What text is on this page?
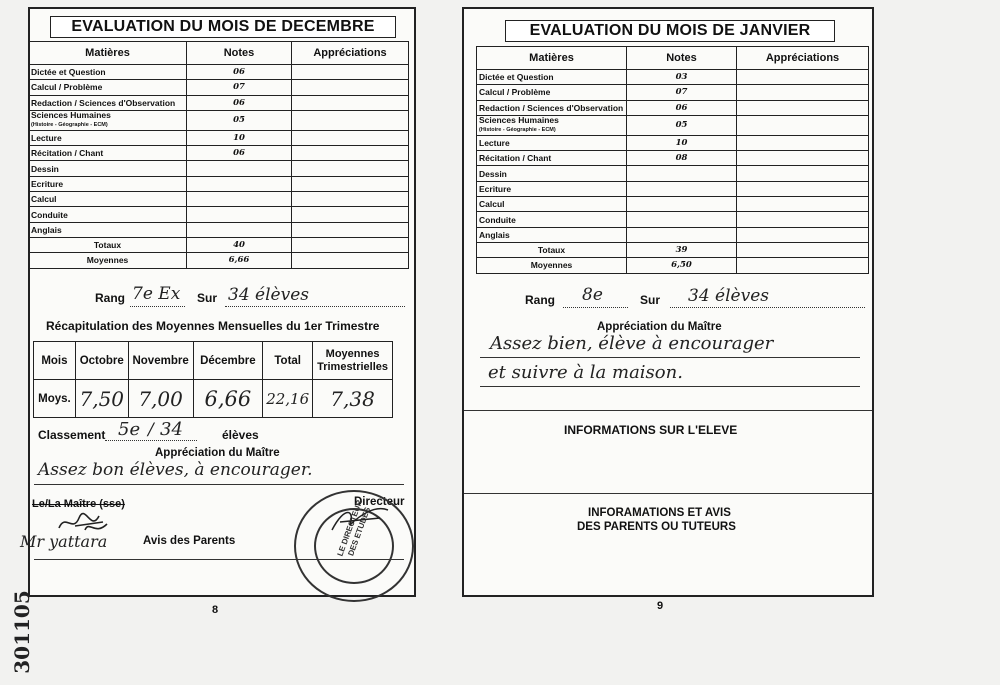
EVALUATION DU MOIS DE DECEMBRE
Matières	Notes	Appréciations
Dictée et Question	06	
Calcul / Problème	07	
Redaction / Sciences d'Observation	06	
Sciences Humaines
(Histoire - Géographie - ECM)	05	
Lecture	10	
Récitation / Chant	06	
Dessin		
Ecriture		
Calcul		
Conduite		
Anglais		
Totaux	40	
Moyennes	6,66	
Rang 7e Ex Sur 34 élèves
Récapitulation des Moyennes Mensuelles du 1er Trimestre
Mois	Octobre	Novembre	Décembre	Total	Moyennes Trimestrielles
Moys.	7,50	7,00	6,66	22,16	7,38
Classement 5e / 34	élèves
Appréciation du Maître
Assez bon élèves, à encourager.
Le/La Maître (sse)	Directeur
Mr yattara	Avis des Parents	LE DIRECTEUR DES ETUDES
8
301105
EVALUATION DU MOIS DE JANVIER
Matières	Notes	Appréciations
Dictée et Question	03	
Calcul / Problème	07	
Redaction / Sciences d'Observation	06	
Sciences Humaines
(Histoire - Géographie - ECM)	05	
Lecture	10	
Récitation / Chant	08	
Dessin		
Ecriture		
Calcul		
Conduite		
Anglais		
Totaux	39	
Moyennes	6,50	
Rang 8e	Sur 34 élèves
Appréciation du Maître
Assez bien, élève à encourager
et suivre à la maison.
INFORMATIONS SUR L'ELEVE
INFORAMATIONS ET AVIS
DES PARENTS OU TUTEURS
9
